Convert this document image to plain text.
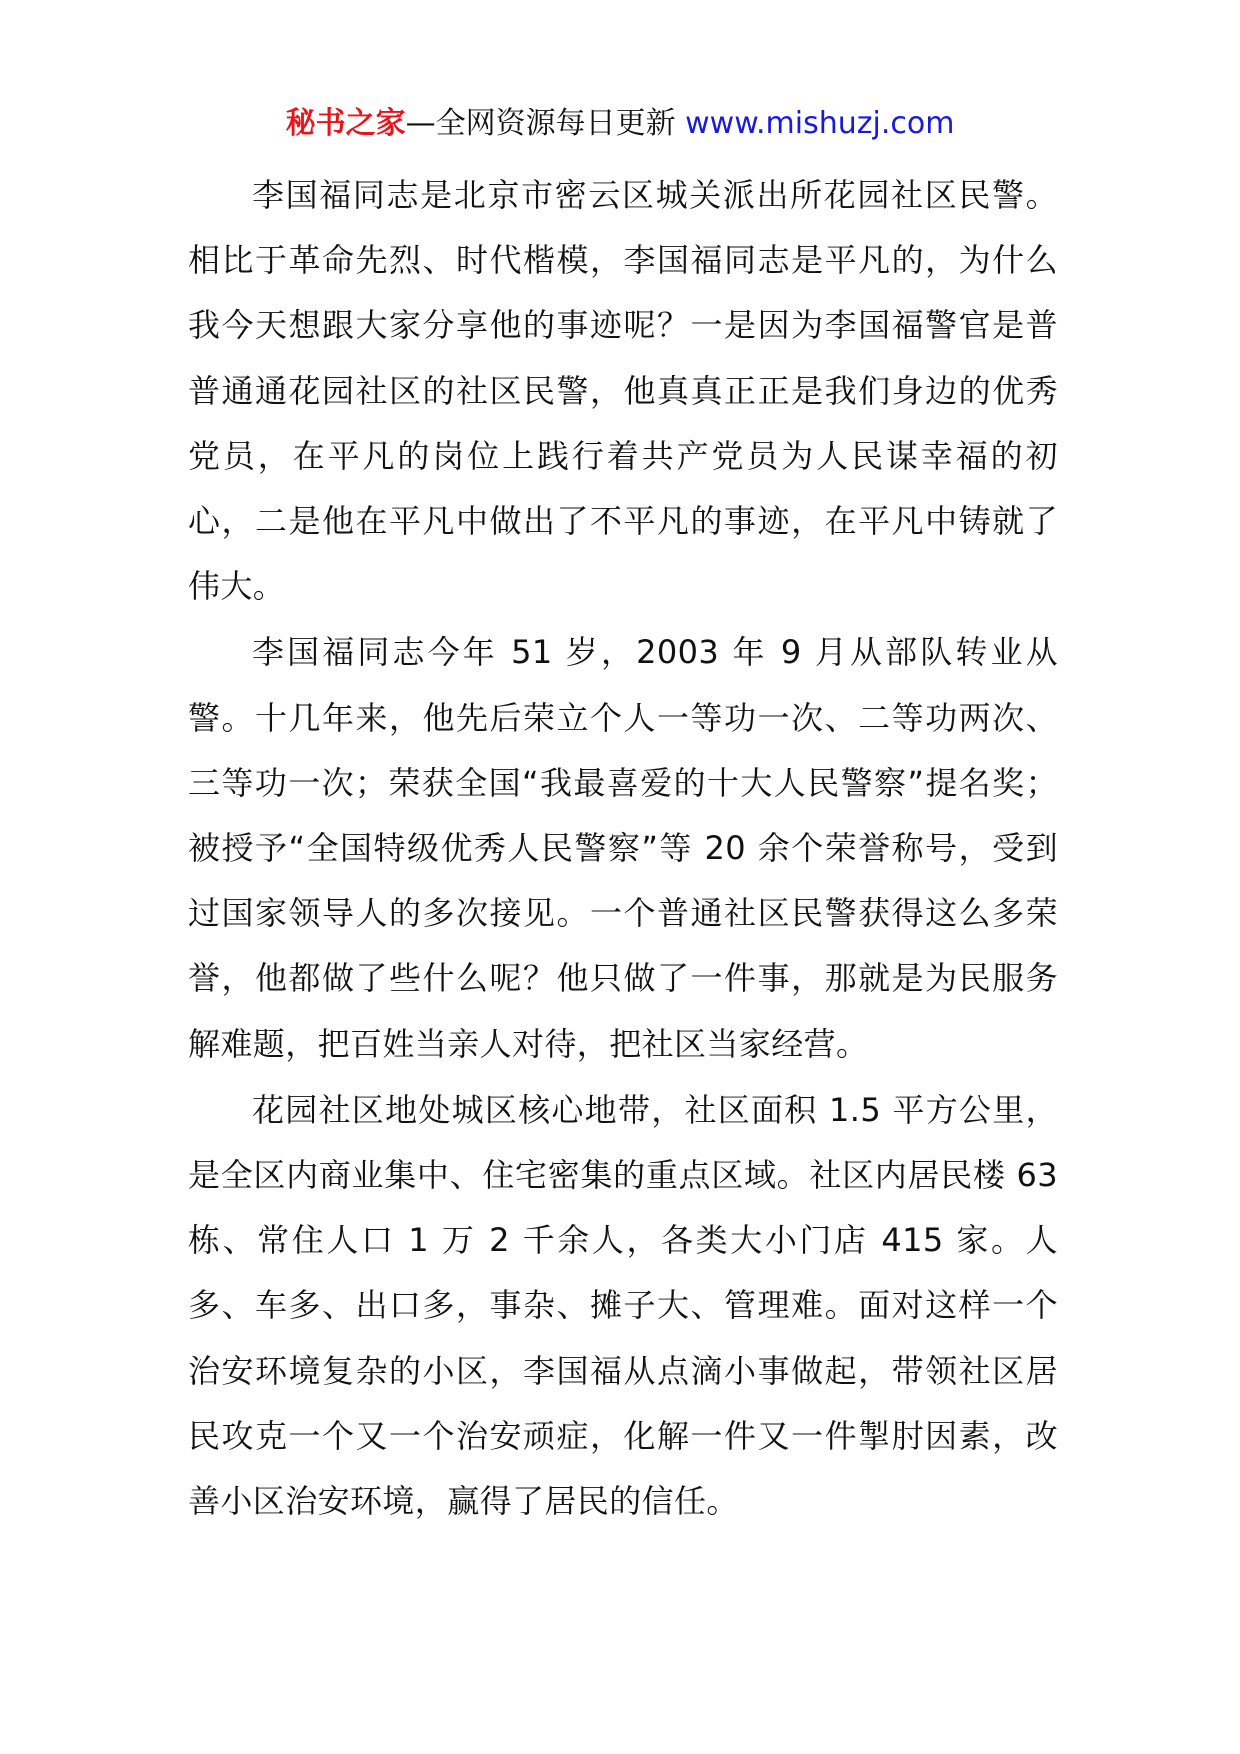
秘书之家—全网资源每日更新 www.mishuzj.com

李国福同志是北京市密云区城关派出所花园社区民警。相比于革命先烈、时代楷模，李国福同志是平凡的，为什么我今天想跟大家分享他的事迹呢？一是因为李国福警官是普普通通花园社区的社区民警，他真真正正是我们身边的优秀党员，在平凡的岗位上践行着共产党员为人民谋幸福的初心，二是他在平凡中做出了不平凡的事迹，在平凡中铸就了伟大。

李国福同志今年 51 岁，2003 年 9 月从部队转业从警。十几年来，他先后荣立个人一等功一次、二等功两次、三等功一次；荣获全国“我最喜爱的十大人民警察”提名奖；被授予“全国特级优秀人民警察”等 20 余个荣誉称号，受到过国家领导人的多次接见。一个普通社区民警获得这么多荣誉，他都做了些什么呢？他只做了一件事，那就是为民服务解难题，把百姓当亲人对待，把社区当家经营。

花园社区地处城区核心地带，社区面积 1.5 平方公里，是全区内商业集中、住宅密集的重点区域。社区内居民楼 63 栋、常住人口 1 万 2 千余人，各类大小门店 415 家。人多、车多、出口多，事杂、摊子大、管理难。面对这样一个治安环境复杂的小区，李国福从点滴小事做起，带领社区居民攻克一个又一个治安顽症，化解一件又一件掣肘因素，改善小区治安环境，赢得了居民的信任。
